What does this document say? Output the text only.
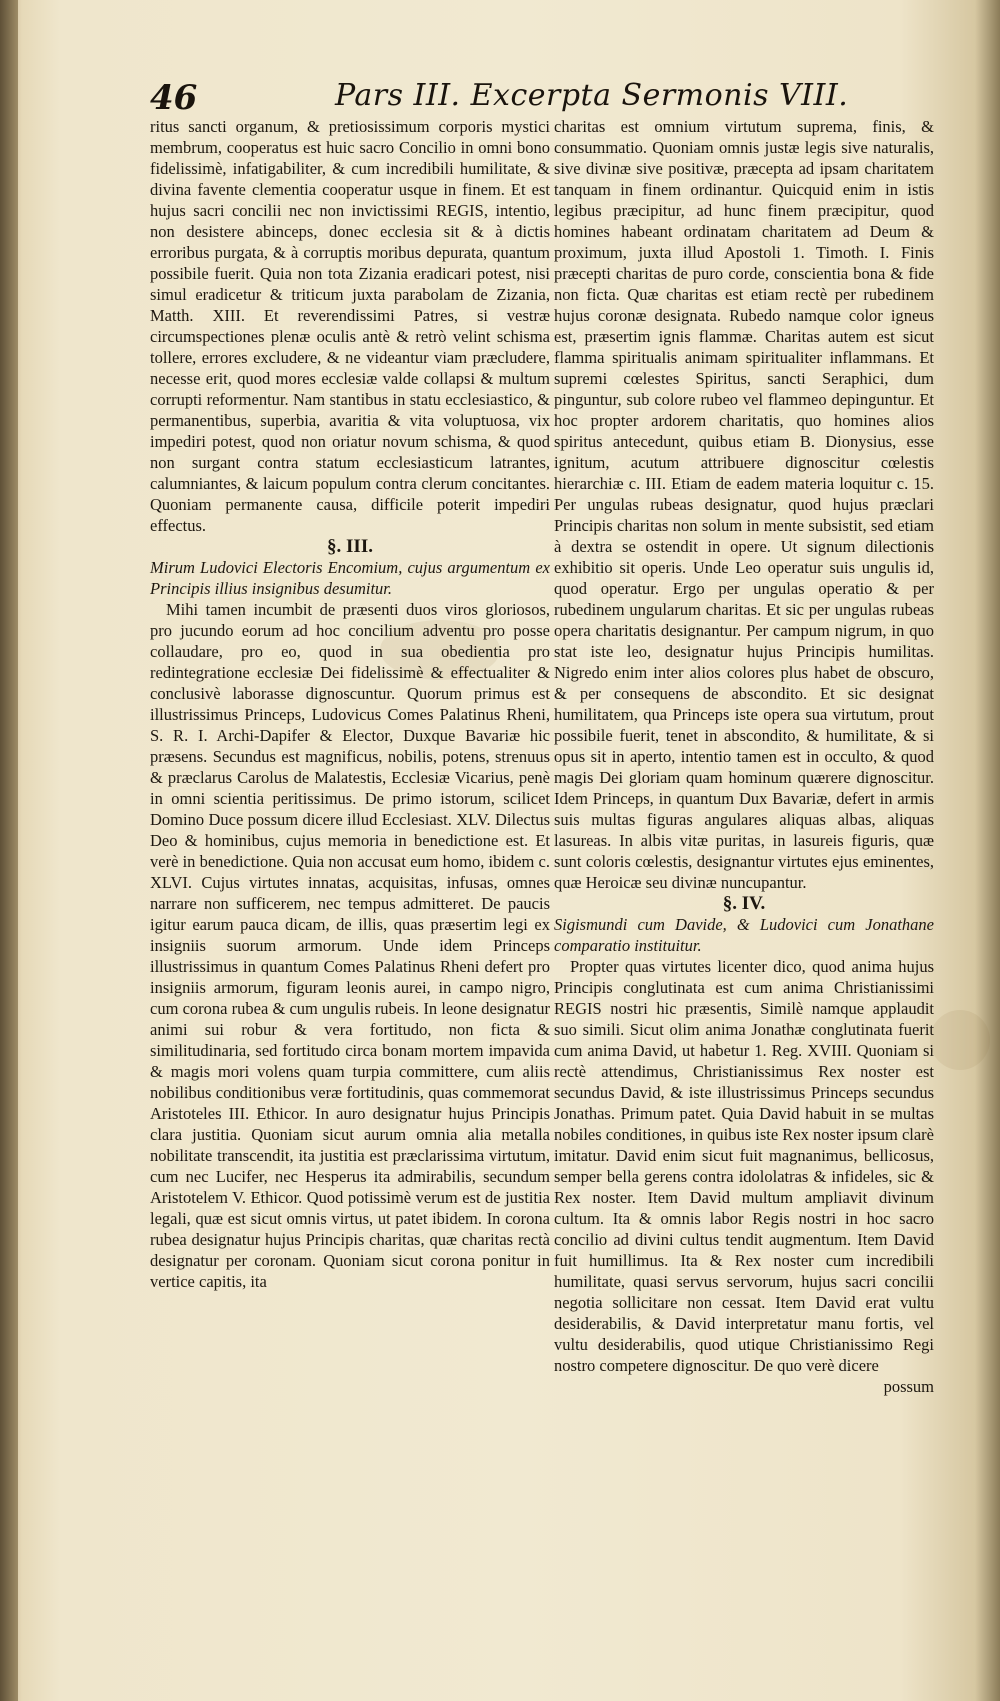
46	Pars III. Excerpta Sermonis VIII.

ritus sancti organum, & pretiosissimum corporis mystici membrum, cooperatus est huic sacro Concilio in omni bono fidelissimè, infatigabiliter, & cum incredibili humilitate, & divina favente clementia cooperatur usque in finem. Et est hujus sacri concilii nec non invictissimi REGIS, intentio, non desistere abinceps, donec ecclesia sit & à dictis erroribus purgata, & à corruptis moribus depurata, quantum possibile fuerit. Quia non tota Zizania eradicari potest, nisi simul eradicetur & triticum juxta parabolam de Zizania, Matth. XIII. Et reverendissimi Patres, si vestræ circumspectiones plenæ oculis antè & retrò velint schisma tollere, errores excludere, & ne videantur viam præcludere, necesse erit, quod mores ecclesiæ valde collapsi & multum corrupti reformentur. Nam stantibus in statu ecclesiastico, & permanentibus, superbia, avaritia & vita voluptuosa, vix impediri potest, quod non oriatur novum schisma, & quod non surgant contra statum ecclesiasticum latrantes, calumniantes, & laicum populum contra clerum concitantes. Quoniam permanente causa, difficile poterit impediri effectus.

§. III.

Mirum Ludovici Electoris Encomium, cujus argumentum ex Principis illius insignibus desumitur.

Mihi tamen incumbit de præsenti duos viros gloriosos, pro jucundo eorum ad hoc concilium adventu pro posse collaudare, pro eo, quod in sua obedientia pro redintegratione ecclesiæ Dei fidelissimè & effectualiter & conclusivè laborasse dignoscuntur. Quorum primus est illustrissimus Princeps, Ludovicus Comes Palatinus Rheni, S. R. I. Archi-Dapifer & Elector, Duxque Bavariæ hic præsens. Secundus est magnificus, nobilis, potens, strenuus & præclarus Carolus de Malatestis, Ecclesiæ Vicarius, penè in omni scientia peritissimus. De primo istorum, scilicet Domino Duce possum dicere illud Ecclesiast. XLV. Dilectus Deo & hominibus, cujus memoria in benedictione est. Et verè in benedictione. Quia non accusat eum homo, ibidem c. XLVI. Cujus virtutes innatas, acquisitas, infusas, omnes narrare non sufficerem, nec tempus admitteret. De paucis igitur earum pauca dicam, de illis, quas præsertim legi ex insigniis suorum armorum. Unde idem Princeps illustrissimus in quantum Comes Palatinus Rheni defert pro insigniis armorum, figuram leonis aurei, in campo nigro, cum corona rubea & cum ungulis rubeis. In leone designatur animi sui robur & vera fortitudo, non ficta & similitudinaria, sed fortitudo circa bonam mortem impavida & magis mori volens quam turpia committere, cum aliis nobilibus conditionibus veræ fortitudinis, quas commemorat Aristoteles III. Ethicor. In auro designatur hujus Principis clara justitia. Quoniam sicut aurum omnia alia metalla nobilitate transcendit, ita justitia est præclarissima virtutum, cum nec Lucifer, nec Hesperus ita admirabilis, secundum Aristotelem V. Ethicor. Quod potissimè verum est de justitia legali, quæ est sicut omnis virtus, ut patet ibidem. In corona rubea designatur hujus Principis charitas, quæ charitas rectà designatur per coronam. Quoniam sicut corona ponitur in vertice capitis, ita

charitas est omnium virtutum suprema, finis, & consummatio. Quoniam omnis justæ legis sive naturalis, sive divinæ sive positivæ, præcepta ad ipsam charitatem tanquam in finem ordinantur. Quicquid enim in istis legibus præcipitur, ad hunc finem præcipitur, quod homines habeant ordinatam charitatem ad Deum & proximum, juxta illud Apostoli 1. Timoth. I. Finis præcepti charitas de puro corde, conscientia bona & fide non ficta. Quæ charitas est etiam rectè per rubedinem hujus coronæ designata. Rubedo namque color igneus est, præsertim ignis flammæ. Charitas autem est sicut flamma spiritualis animam spiritualiter inflammans. Et supremi cœlestes Spiritus, sancti Seraphici, dum pinguntur, sub colore rubeo vel flammeo depinguntur. Et hoc propter ardorem charitatis, quo homines alios spiritus antecedunt, quibus etiam B. Dionysius, esse ignitum, acutum attribuere dignoscitur cœlestis hierarchiæ c. III. Etiam de eadem materia loquitur c. 15. Per ungulas rubeas designatur, quod hujus præclari Principis charitas non solum in mente subsistit, sed etiam à dextra se ostendit in opere. Ut signum dilectionis exhibitio sit operis. Unde Leo operatur suis ungulis id, quod operatur. Ergo per ungulas operatio & per rubedinem ungularum charitas. Et sic per ungulas rubeas opera charitatis designantur. Per campum nigrum, in quo stat iste leo, designatur hujus Principis humilitas. Nigredo enim inter alios colores plus habet de obscuro, & per consequens de abscondito. Et sic designat humilitatem, qua Princeps iste opera sua virtutum, prout possibile fuerit, tenet in abscondito, & humilitate, & si opus sit in aperto, intentio tamen est in occulto, & quod magis Dei gloriam quam hominum quærere dignoscitur. Idem Princeps, in quantum Dux Bavariæ, defert in armis suis multas figuras angulares aliquas albas, aliquas lasureas. In albis vitæ puritas, in lasureis figuris, quæ sunt coloris cœlestis, designantur virtutes ejus eminentes, quæ Heroicæ seu divinæ nuncupantur.

§. IV.

Sigismundi cum Davide, & Ludovici cum Jonathane comparatio instituitur.

Propter quas virtutes licenter dico, quod anima hujus Principis conglutinata est cum anima Christianissimi REGIS nostri hic præsentis, Similè namque applaudit suo simili. Sicut olim anima Jonathæ conglutinata fuerit cum anima David, ut habetur 1. Reg. XVIII. Quoniam si rectè attendimus, Christianissimus Rex noster est secundus David, & iste illustrissimus Princeps secundus Jonathas. Primum patet. Quia David habuit in se multas nobiles conditiones, in quibus iste Rex noster ipsum clarè imitatur. David enim sicut fuit magnanimus, bellicosus, semper bella gerens contra idololatras & infideles, sic & Rex noster. Item David multum ampliavit divinum cultum. Ita & omnis labor Regis nostri in hoc sacro concilio ad divini cultus tendit augmentum. Item David fuit humillimus. Ita & Rex noster cum incredibili humilitate, quasi servus servorum, hujus sacri concilii negotia sollicitare non cessat. Item David erat vultu desiderabilis, & David interpretatur manu fortis, vel vultu desiderabilis, quod utique Christianissimo Regi nostro competere dignoscitur. De quo verè dicere

possum
